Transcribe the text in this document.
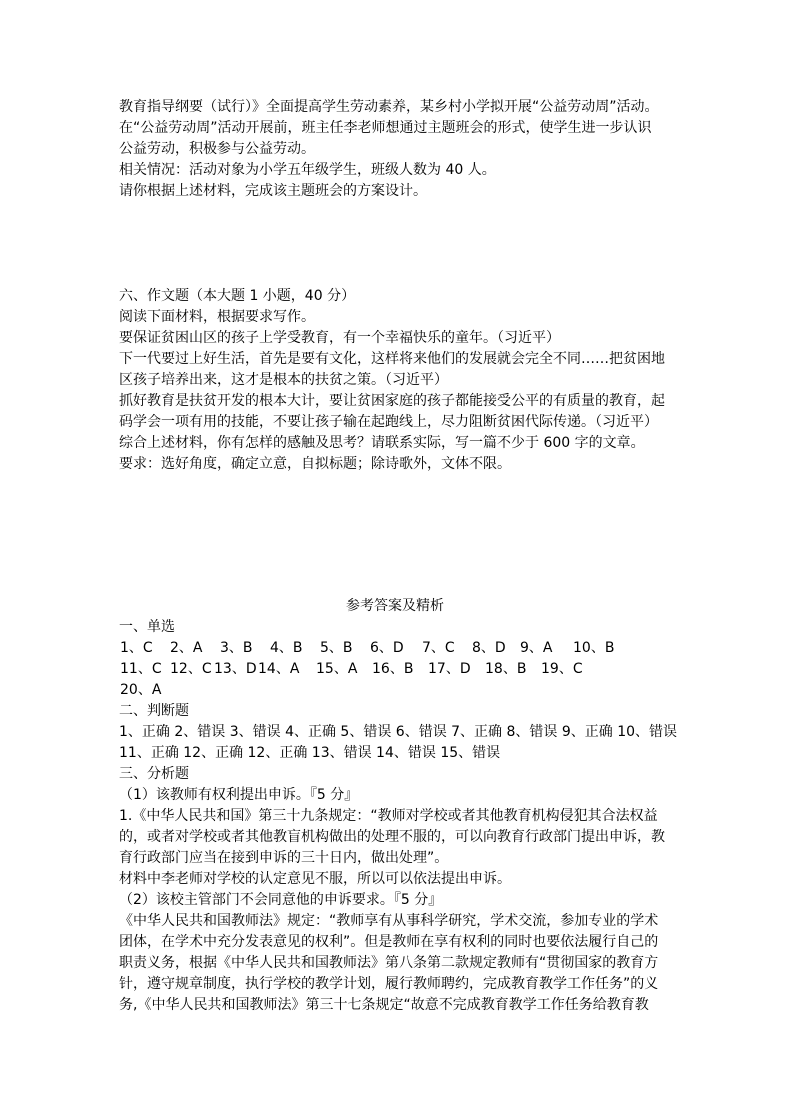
教育指导纲要（试行）》全面提高学生劳动素养，某乡村小学拟开展“公益劳动周”活动。
在“公益劳动周”活动开展前，班主任李老师想通过主题班会的形式，使学生进一步认识
公益劳动，积极参与公益劳动。
相关情况：活动对象为小学五年级学生，班级人数为 40 人。
请你根据上述材料，完成该主题班会的方案设计。
六、作文题（本大题 1 小题，40 分）
阅读下面材料，根据要求写作。
要保证贫困山区的孩子上学受教育，有一个幸福快乐的童年。（习近平）
下一代要过上好生活，首先是要有文化，这样将来他们的发展就会完全不同……把贫困地
区孩子培养出来，这才是根本的扶贫之策。（习近平）
抓好教育是扶贫开发的根本大计，要让贫困家庭的孩子都能接受公平的有质量的教育，起
码学会一项有用的技能，不要让孩子输在起跑线上，尽力阻断贫困代际传递。（习近平）
综合上述材料，你有怎样的感触及思考？请联系实际，写一篇不少于 600 字的文章。
要求：选好角度，确定立意，自拟标题；除诗歌外，文体不限。
参考答案及精析
一、单选
1、C 2、A 3、B 4、B 5、B 6、D 7、C 8、D 9、A 10、B
11、C 12、C 13、D 14、A 15、A 16、B 17、D 18、B 19、C
20、A
二、判断题
1、正确 2、错误 3、错误 4、正确 5、错误 6、错误 7、正确 8、错误 9、正确 10、错误
11、正确 12、正确 12、正确 13、错误 14、错误 15、错误
三、分析题
（1）该教师有权利提出申诉。『5 分』
1.《中华人民共和国》第三十九条规定：“教师对学校或者其他教育机构侵犯其合法权益
的，或者对学校或者其他教盲机构做出的处理不服的，可以向教育行政部门提出申诉，教
育行政部门应当在接到申诉的三十日内，做出处理”。
材料中李老师对学校的认定意见不服，所以可以依法提出申诉。
（2）该校主管部门不会同意他的申诉要求。『5 分』
《中华人民共和国教师法》规定：“教师享有从事科学研究，学术交流，参加专业的学术
团体，在学术中充分发表意见的权利”。但是教师在享有权利的同时也要依法履行自己的
职责义务，根据《中华人民共和国教师法》第八条第二款规定教师有“贯彻国家的教育方
针，遵守规章制度，执行学校的教学计划，履行教师聘约，完成教育教学工作任务”的义
务,《中华人民共和国教师法》第三十七条规定“故意不完成教育教学工作任务给教育教
